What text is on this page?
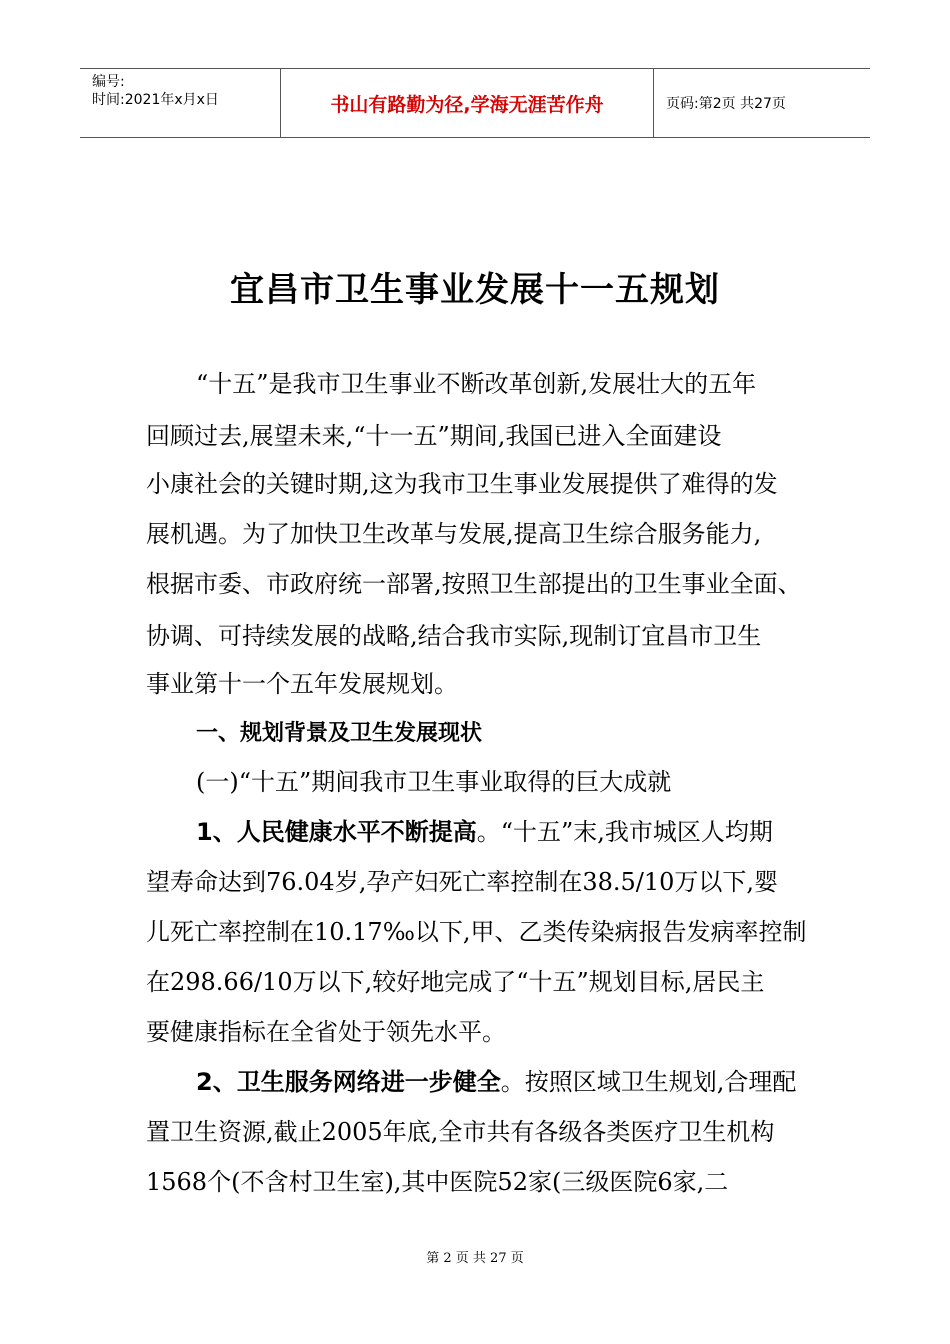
编号:
时间:2021年x月x日	书山有路勤为径,学海无涯苦作舟	页码:第2页 共27页
宜昌市卫生事业发展十一五规划
“十五”是我市卫生事业不断改革创新,发展壮大的五年
回顾过去,展望未来,“十一五”期间,我国已进入全面建设
小康社会的关键时期,这为我市卫生事业发展提供了难得的发
展机遇。为了加快卫生改革与发展,提高卫生综合服务能力,
根据市委、市政府统一部署,按照卫生部提出的卫生事业全面、
协调、可持续发展的战略,结合我市实际,现制订宜昌市卫生
事业第十一个五年发展规划。
一、规划背景及卫生发展现状
(一)“十五”期间我市卫生事业取得的巨大成就
1、人民健康水平不断提高。“十五”末,我市城区人均期
望寿命达到76.04岁,孕产妇死亡率控制在38.5/10万以下,婴
儿死亡率控制在10.17‰以下,甲、乙类传染病报告发病率控制
在298.66/10万以下,较好地完成了“十五”规划目标,居民主
要健康指标在全省处于领先水平。
2、卫生服务网络进一步健全。按照区域卫生规划,合理配
置卫生资源,截止2005年底,全市共有各级各类医疗卫生机构
1568个(不含村卫生室),其中医院52家(三级医院6家,二
第 2 页 共 27 页
